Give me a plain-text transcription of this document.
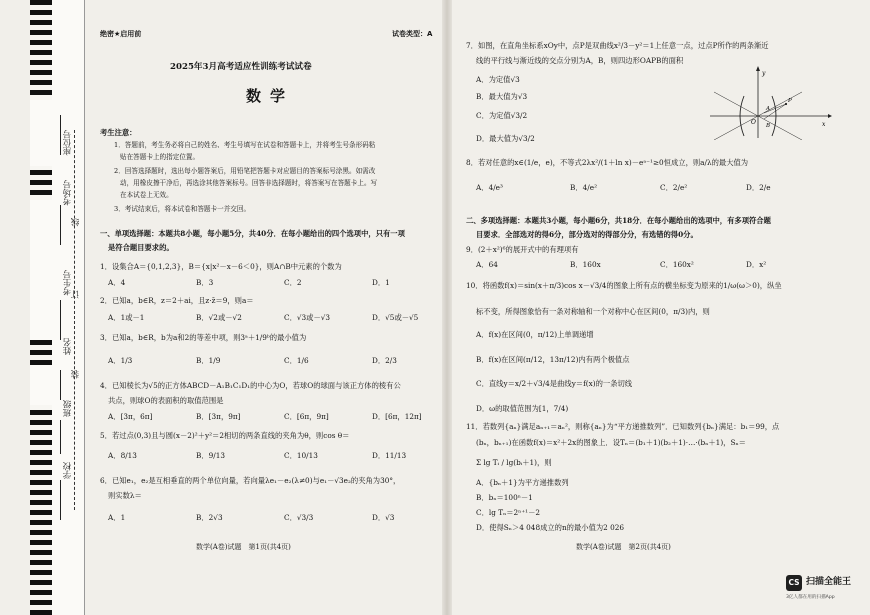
座位号
考场号
考生号
姓名
班级
学校
线
订
装
绝密★启用前	试卷类型：A
2025年3月高考适应性训练考试试卷
数学
考生注意：
1．答题前，考生务必将自己的姓名、考生号填写在试卷和答题卡上，并将考生号条形码粘
贴在答题卡上的指定位置。
2．回答选择题时，选出每小题答案后，用铅笔把答题卡对应题目的答案标号涂黑。如需改
动，用橡皮擦干净后，再选涂其他答案标号。回答非选择题时，将答案写在答题卡上。写
在本试卷上无效。
3．考试结束后，将本试卷和答题卡一并交回。
一、单项选择题：本题共8小题，每小题5分，共40分．在每小题给出的四个选项中，只有一项
是符合题目要求的。
1．设集合A＝{0,1,2,3}，B＝{x|x²－x－6＜0}，则A∩B中元素的个数为
A．4	B．3	C．2	D．1
2．已知a，b∈R，z＝2＋ai，且z·z̄＝9，则a＝
A．1或－1	B．√2或－√2	C．√3或－√3	D．√5或－√5
3．已知a，b∈R，b为a和2的等差中项，则3ᵃ＋1/9ᵇ的最小值为
A．1/3	B．1/9	C．1/6	D．2/3
4．已知棱长为√5的正方体ABCD－A₁B₁C₁D₁的中心为O，若球O的球面与该正方体的棱有公
共点，则球O的表面积的取值范围是
A．[3π，6π]	B．[3π，9π]	C．[6π，9π]	D．[6π，12π]
5．若过点(0,3)且与圆(x－2)²＋y²＝2相切的两条直线的夹角为θ，则cos θ＝
A．8/13	B．9/13	C．10/13	D．11/13
6．已知e₁，e₂是互相垂直的两个单位向量，若向量λe₁－e₂(λ≠0)与e₁－√3e₂的夹角为30°，
则实数λ＝
A．1	B．2√3	C．√3/3	D．√3
数学(A卷)试题　第1页(共4页)
7．如图，在直角坐标系xOy中，点P是双曲线x²/3－y²＝1上任意一点，过点P所作的两条渐近
线的平行线与渐近线的交点分别为A，B，则四边形OAPB的面积
A．为定值√3
B．最大值为√3
C．为定值√3/2
D．最大值为√3/2
y
x
O
A
B
P
8．若对任意的x∈(1/e，e)，不等式2λx²/(1＋ln x)－eᵃ⁻¹≥0恒成立，则a/λ的最大值为
A．4/e³	B．4/e²	C．2/e²	D．2/e
二、多项选择题：本题共3小题，每小题6分，共18分．在每小题给出的选项中，有多项符合题
目要求．全部选对的得6分，部分选对的得部分分，有选错的得0分。
9．(2＋x²)⁶的展开式中的有理项有
A．64	B．160x	C．160x²	D．x²
10．将函数f(x)＝sin(x＋π/3)cos x－√3/4的图象上所有点的横坐标变为原来的1/ω(ω＞0)，纵坐
标不变，所得图象恰有一条对称轴和一个对称中心在区间(0，π/3)内，则
A．f(x)在区间(0，π/12)上单调递增
B．f(x)在区间(π/12，13π/12)内有两个极值点
C．直线y＝x/2＋√3/4是曲线y＝f(x)的一条切线
D．ω的取值范围为[1，7/4)
11．若数列{aₙ}满足aₙ₊₁＝aₙ²，则称{aₙ}为“平方递推数列”．已知数列{bₙ}满足：b₁＝99，点
(bₙ，bₙ₊₁)在函数f(x)＝x²＋2x的图象上．设Tₙ＝(b₁＋1)(b₂＋1)·…·(bₙ＋1)，Sₙ＝
Σ lg Tᵢ / lg(bᵢ＋1)，则
A．{bₙ＋1}为平方递推数列
B．bₙ＝100ⁿ－1
C．lg Tₙ＝2ⁿ⁺¹－2
D．使得Sₙ＞4 048成立的n的最小值为2 026
数学(A卷)试题　第2页(共4页)
CS 扫描全能王
3亿人都在用的扫描App
